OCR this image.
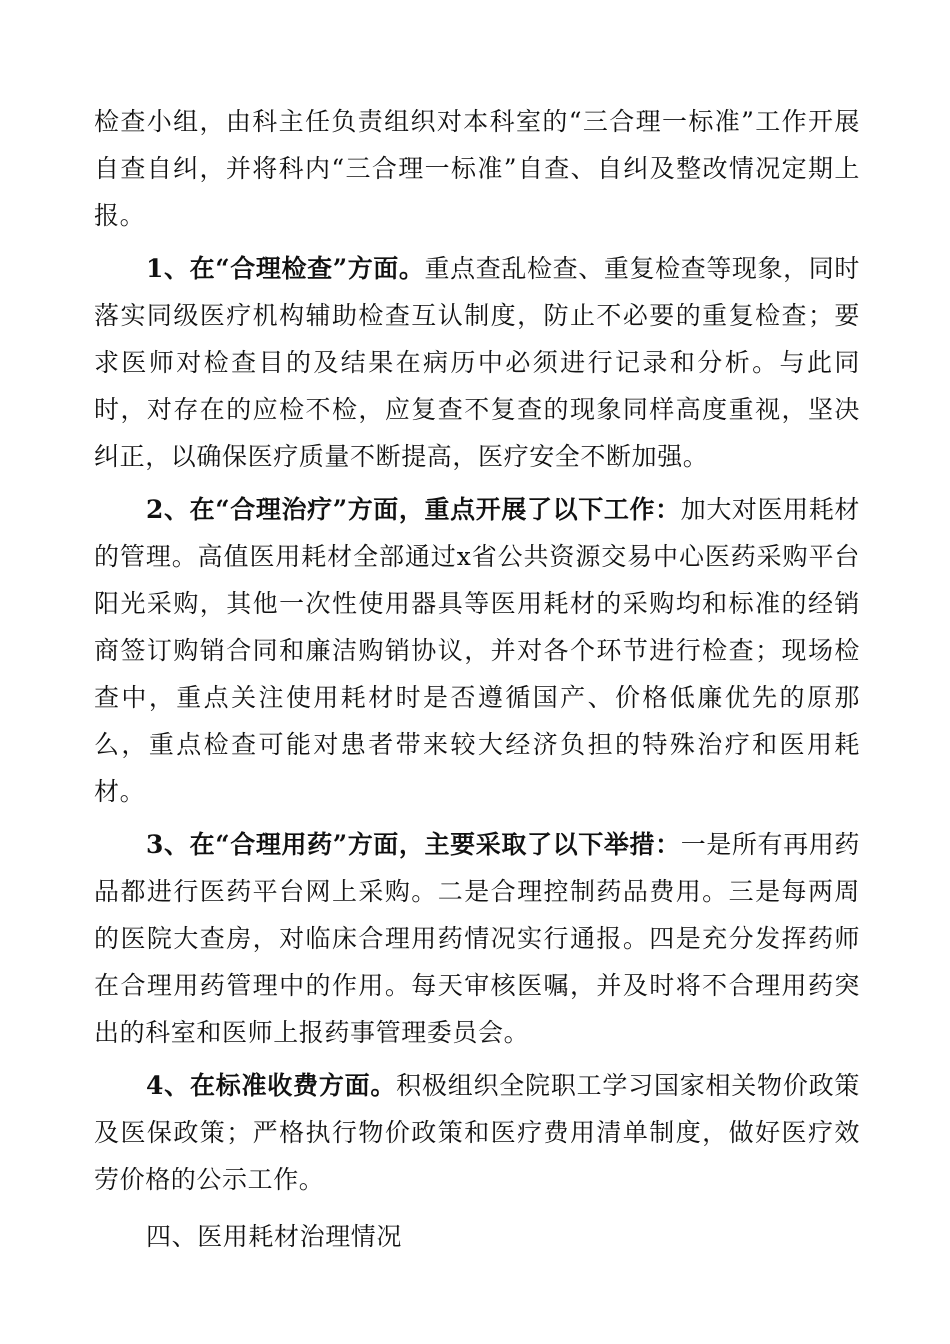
检查小组，由科主任负责组织对本科室的“三合理一标准”工作开展自查自纠，并将科内“三合理一标准”自查、自纠及整改情况定期上报。

1、在“合理检查”方面。重点查乱检查、重复检查等现象，同时落实同级医疗机构辅助检查互认制度，防止不必要的重复检查；要求医师对检查目的及结果在病历中必须进行记录和分析。与此同时，对存在的应检不检，应复查不复查的现象同样高度重视，坚决纠正，以确保医疗质量不断提高，医疗安全不断加强。

2、在“合理治疗”方面，重点开展了以下工作：加大对医用耗材的管理。高值医用耗材全部通过x省公共资源交易中心医药采购平台阳光采购，其他一次性使用器具等医用耗材的采购均和标准的经销商签订购销合同和廉洁购销协议，并对各个环节进行检查；现场检查中，重点关注使用耗材时是否遵循国产、价格低廉优先的原那么，重点检查可能对患者带来较大经济负担的特殊治疗和医用耗材。

3、在“合理用药”方面，主要采取了以下举措：一是所有再用药品都进行医药平台网上采购。二是合理控制药品费用。三是每两周的医院大查房，对临床合理用药情况实行通报。四是充分发挥药师在合理用药管理中的作用。每天审核医嘱，并及时将不合理用药突出的科室和医师上报药事管理委员会。

4、在标准收费方面。积极组织全院职工学习国家相关物价政策及医保政策；严格执行物价政策和医疗费用清单制度，做好医疗效劳价格的公示工作。

四、医用耗材治理情况
